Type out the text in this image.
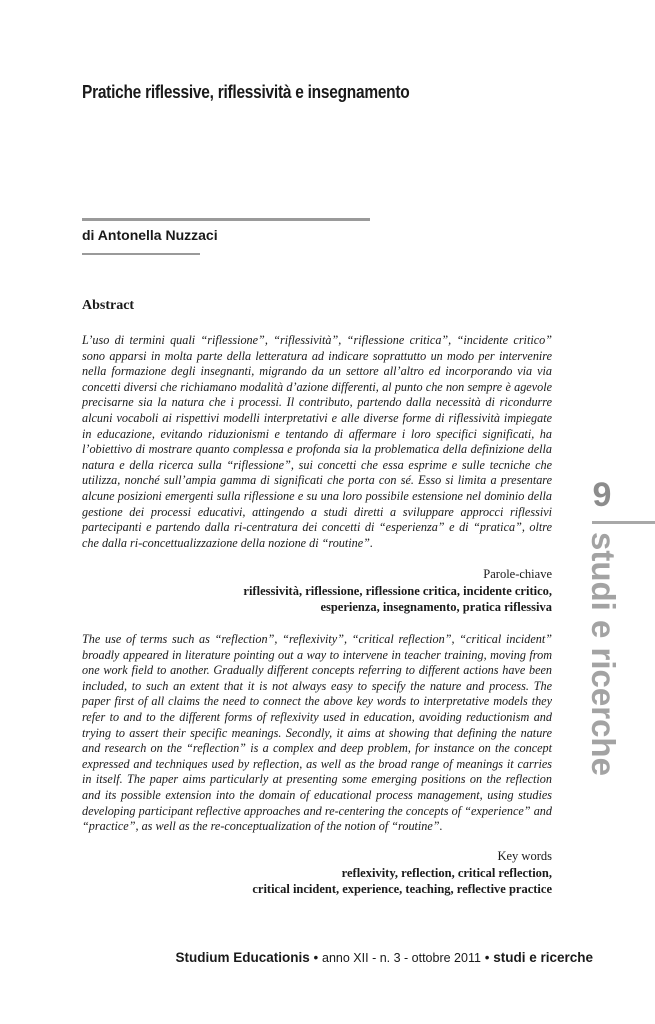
Pratiche riflessive, riflessività e insegnamento
di Antonella Nuzzaci
Abstract

L’uso di termini quali “riflessione”, “riflessività”, “riflessione critica”, “incidente critico” sono apparsi in molta parte della letteratura ad indicare soprattutto un modo per intervenire nella formazione degli insegnanti, migrando da un settore all’altro ed incorporando via via concetti diversi che richiamano modalità d’azione differenti, al punto che non sempre è agevole precisarne sia la natura che i processi. Il contributo, partendo dalla necessità di ricondurre alcuni vocaboli ai rispettivi modelli interpretativi e alle diverse forme di riflessività impiegate in educazione, evitando riduzionismi e tentando di affermare i loro specifici significati, ha l’obiettivo di mostrare quanto complessa e profonda sia la problematica della definizione della natura e della ricerca sulla “riflessione”, sui concetti che essa esprime e sulle tecniche che utilizza, nonché sull’ampia gamma di significati che porta con sé. Esso si limita a presentare alcune posizioni emergenti sulla riflessione e su una loro possibile estensione nel dominio della gestione dei processi educativi, attingendo a studi diretti a sviluppare approcci riflessivi partecipanti e partendo dalla ri-centratura dei concetti di “esperienza” e di “pratica”, oltre che dalla ri-concettualizzazione della nozione di “routine”.

Parole-chiave
riflessività, riflessione, riflessione critica, incidente critico,
esperienza, insegnamento, pratica riflessiva

The use of terms such as “reflection”, “reflexivity”, “critical reflection”, “critical incident” broadly appeared in literature pointing out a way to intervene in teacher training, moving from one work field to another. Gradually different concepts referring to different actions have been included, to such an extent that it is not always easy to specify the nature and process. The paper first of all claims the need to connect the above key words to interpretative models they refer to and to the different forms of reflexivity used in education, avoiding reductionism and trying to assert their specific meanings. Secondly, it aims at showing that defining the nature and research on the “reflection” is a complex and deep problem, for instance on the concept expressed and techniques used by reflection, as well as the broad range of meanings it carries in itself. The paper aims particularly at presenting some emerging positions on the reflection and its possible extension into the domain of educational process management, using studies developing participant reflective approaches and re-centering the concepts of “experience” and “practice”, as well as the re-conceptualization of the notion of “routine”.

Key words
reflexivity, reflection, critical reflection,
critical incident, experience, teaching, reflective practice
9
studi e ricerche
Studium Educationis • anno XII - n. 3 - ottobre 2011 • studi e ricerche
